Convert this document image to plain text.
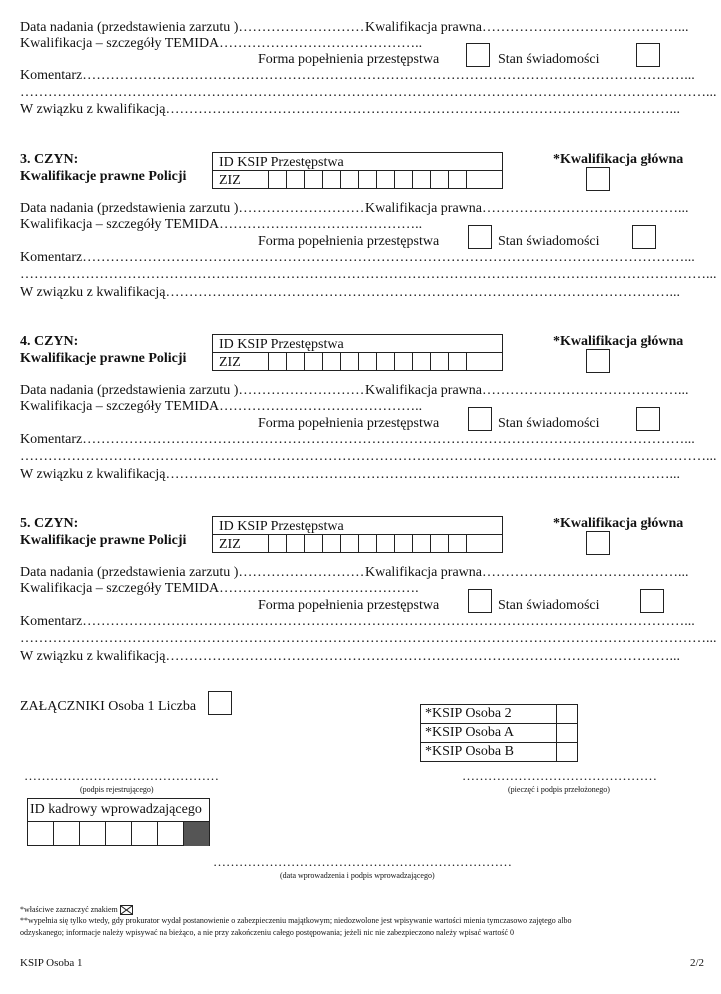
Data nadania (przedstawienia zarzutu )……………………… Kwalifikacja prawna……………………………………...
Kwalifikacja – szczegóły TEMIDA……………………………………..
Forma popełnienia przestępstwa	Stan świadomości
Komentarz…………………………………………………………………………………………………………………...
…………………………………………………………………………………………………………………………………...
W związku z kwalifikacją………………………………………………………………………………………………...
3. CZYN:
Kwalifikacje prawne Policji
ID KSIP Przestępstwa
ZIZ
*Kwalifikacja główna
Data nadania (przedstawienia zarzutu )……………………… Kwalifikacja prawna……………………………………...
Kwalifikacja – szczegóły TEMIDA……………………………………..
Forma popełnienia przestępstwa	Stan świadomości
Komentarz…………………………………………………………………………………………………………………...
…………………………………………………………………………………………………………………………………...
W związku z kwalifikacją………………………………………………………………………………………………...
4. CZYN:
Kwalifikacje prawne Policji
ID KSIP Przestępstwa
ZIZ
*Kwalifikacja główna
Data nadania (przedstawienia zarzutu )……………………… Kwalifikacja prawna……………………………………...
Kwalifikacja – szczegóły TEMIDA……………………………………..
Forma popełnienia przestępstwa	Stan świadomości
Komentarz…………………………………………………………………………………………………………………...
…………………………………………………………………………………………………………………………………...
W związku z kwalifikacją………………………………………………………………………………………………...
5. CZYN:
Kwalifikacje prawne Policji
ID KSIP Przestępstwa
ZIZ
*Kwalifikacja główna
Data nadania (przedstawienia zarzutu )……………………… Kwalifikacja prawna……………………………………...
Kwalifikacja – szczegóły TEMIDA…………………………………….
Forma popełnienia przestępstwa	Stan świadomości
Komentarz…………………………………………………………………………………………………………………...
…………………………………………………………………………………………………………………………………...
W związku z kwalifikacją………………………………………………………………………………………………...
ZAŁĄCZNIKI Osoba 1 Liczba	*KSIP Osoba 2	
*KSIP Osoba A	
*KSIP Osoba B	
………………………………………
(podpis rejestrującego)
………………………………………
(pieczęć i podpis przełożonego)
ID kadrowy wprowadzającego
……………………………………………………………
(data wprowadzenia i podpis wprowadzającego)
*właściwe zaznaczyć znakiem
**wypełnia się tylko wtedy, gdy prokurator wydał postanowienie o zabezpieczeniu majątkowym; niedozwolone jest wpisywanie wartości mienia tymczasowo zajętego albo
odzyskanego; informacje należy wpisywać na bieżąco, a nie przy zakończeniu całego postępowania; jeżeli nic nie zabezpieczono należy wpisać wartość 0
KSIP Osoba 1	2/2
